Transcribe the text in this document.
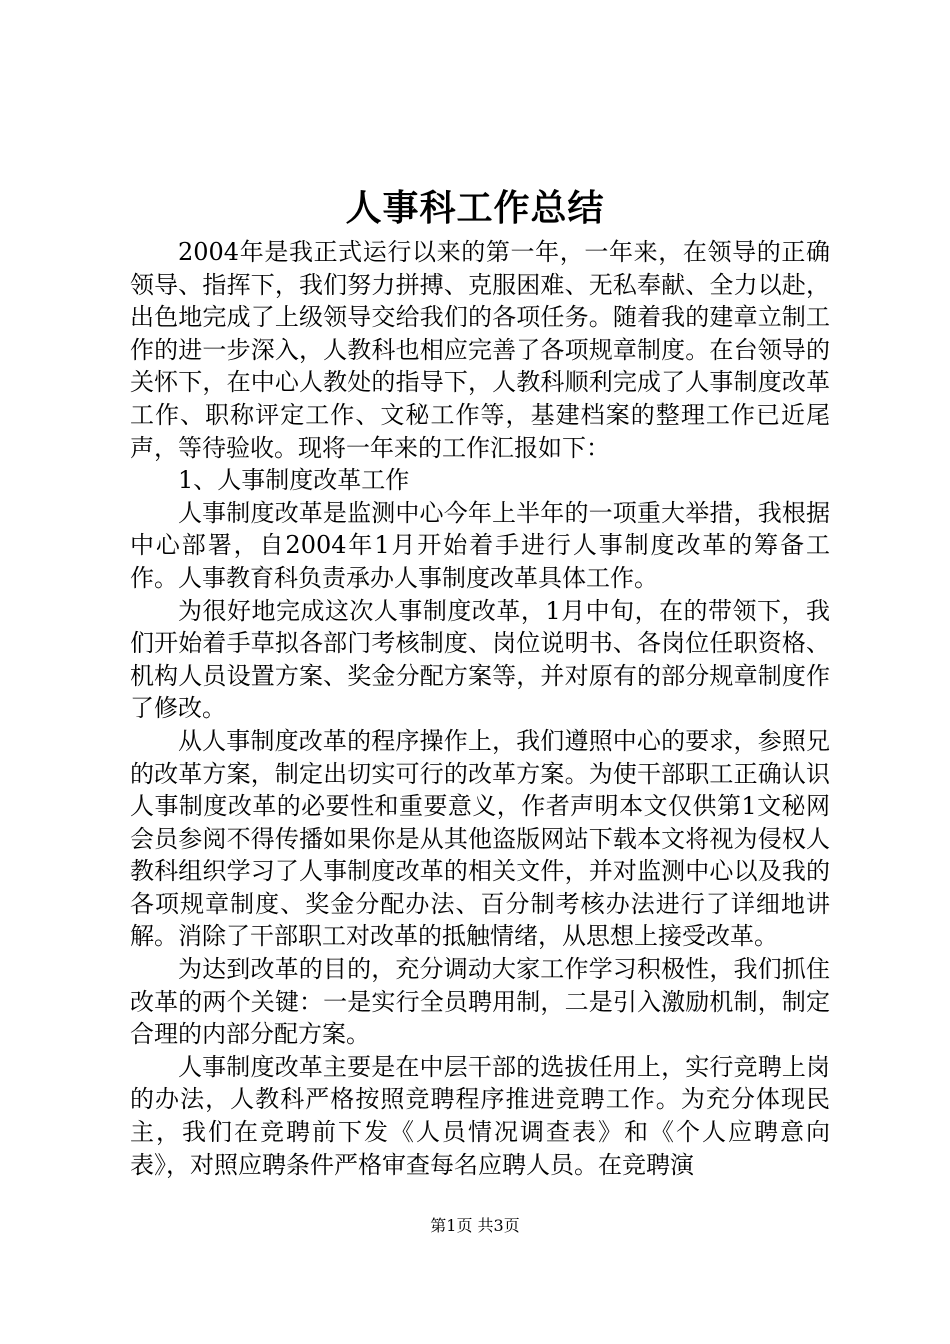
人事科工作总结

2004年是我正式运行以来的第一年，一年来，在领导的正确领导、指挥下，我们努力拼搏、克服困难、无私奉献、全力以赴，出色地完成了上级领导交给我们的各项任务。随着我的建章立制工作的进一步深入，人教科也相应完善了各项规章制度。在台领导的关怀下，在中心人教处的指导下，人教科顺利完成了人事制度改革工作、职称评定工作、文秘工作等，基建档案的整理工作已近尾声，等待验收。现将一年来的工作汇报如下：

1、人事制度改革工作

人事制度改革是监测中心今年上半年的一项重大举措，我根据中心部署，自2004年1月开始着手进行人事制度改革的筹备工作。人事教育科负责承办人事制度改革具体工作。

为很好地完成这次人事制度改革，1月中旬，在的带领下，我们开始着手草拟各部门考核制度、岗位说明书、各岗位任职资格、机构人员设置方案、奖金分配方案等，并对原有的部分规章制度作了修改。

从人事制度改革的程序操作上，我们遵照中心的要求，参照兄的改革方案，制定出切实可行的改革方案。为使干部职工正确认识人事制度改革的必要性和重要意义，作者声明本文仅供第1文秘网会员参阅不得传播如果你是从其他盗版网站下载本文将视为侵权人教科组织学习了人事制度改革的相关文件，并对监测中心以及我的各项规章制度、奖金分配办法、百分制考核办法进行了详细地讲解。消除了干部职工对改革的抵触情绪，从思想上接受改革。

为达到改革的目的，充分调动大家工作学习积极性，我们抓住改革的两个关键：一是实行全员聘用制，二是引入激励机制，制定合理的内部分配方案。

人事制度改革主要是在中层干部的选拔任用上，实行竞聘上岗的办法，人教科严格按照竞聘程序推进竞聘工作。为充分体现民主，我们在竞聘前下发《人员情况调查表》和《个人应聘意向表》，对照应聘条件严格审查每名应聘人员。在竞聘演

第1页 共3页
